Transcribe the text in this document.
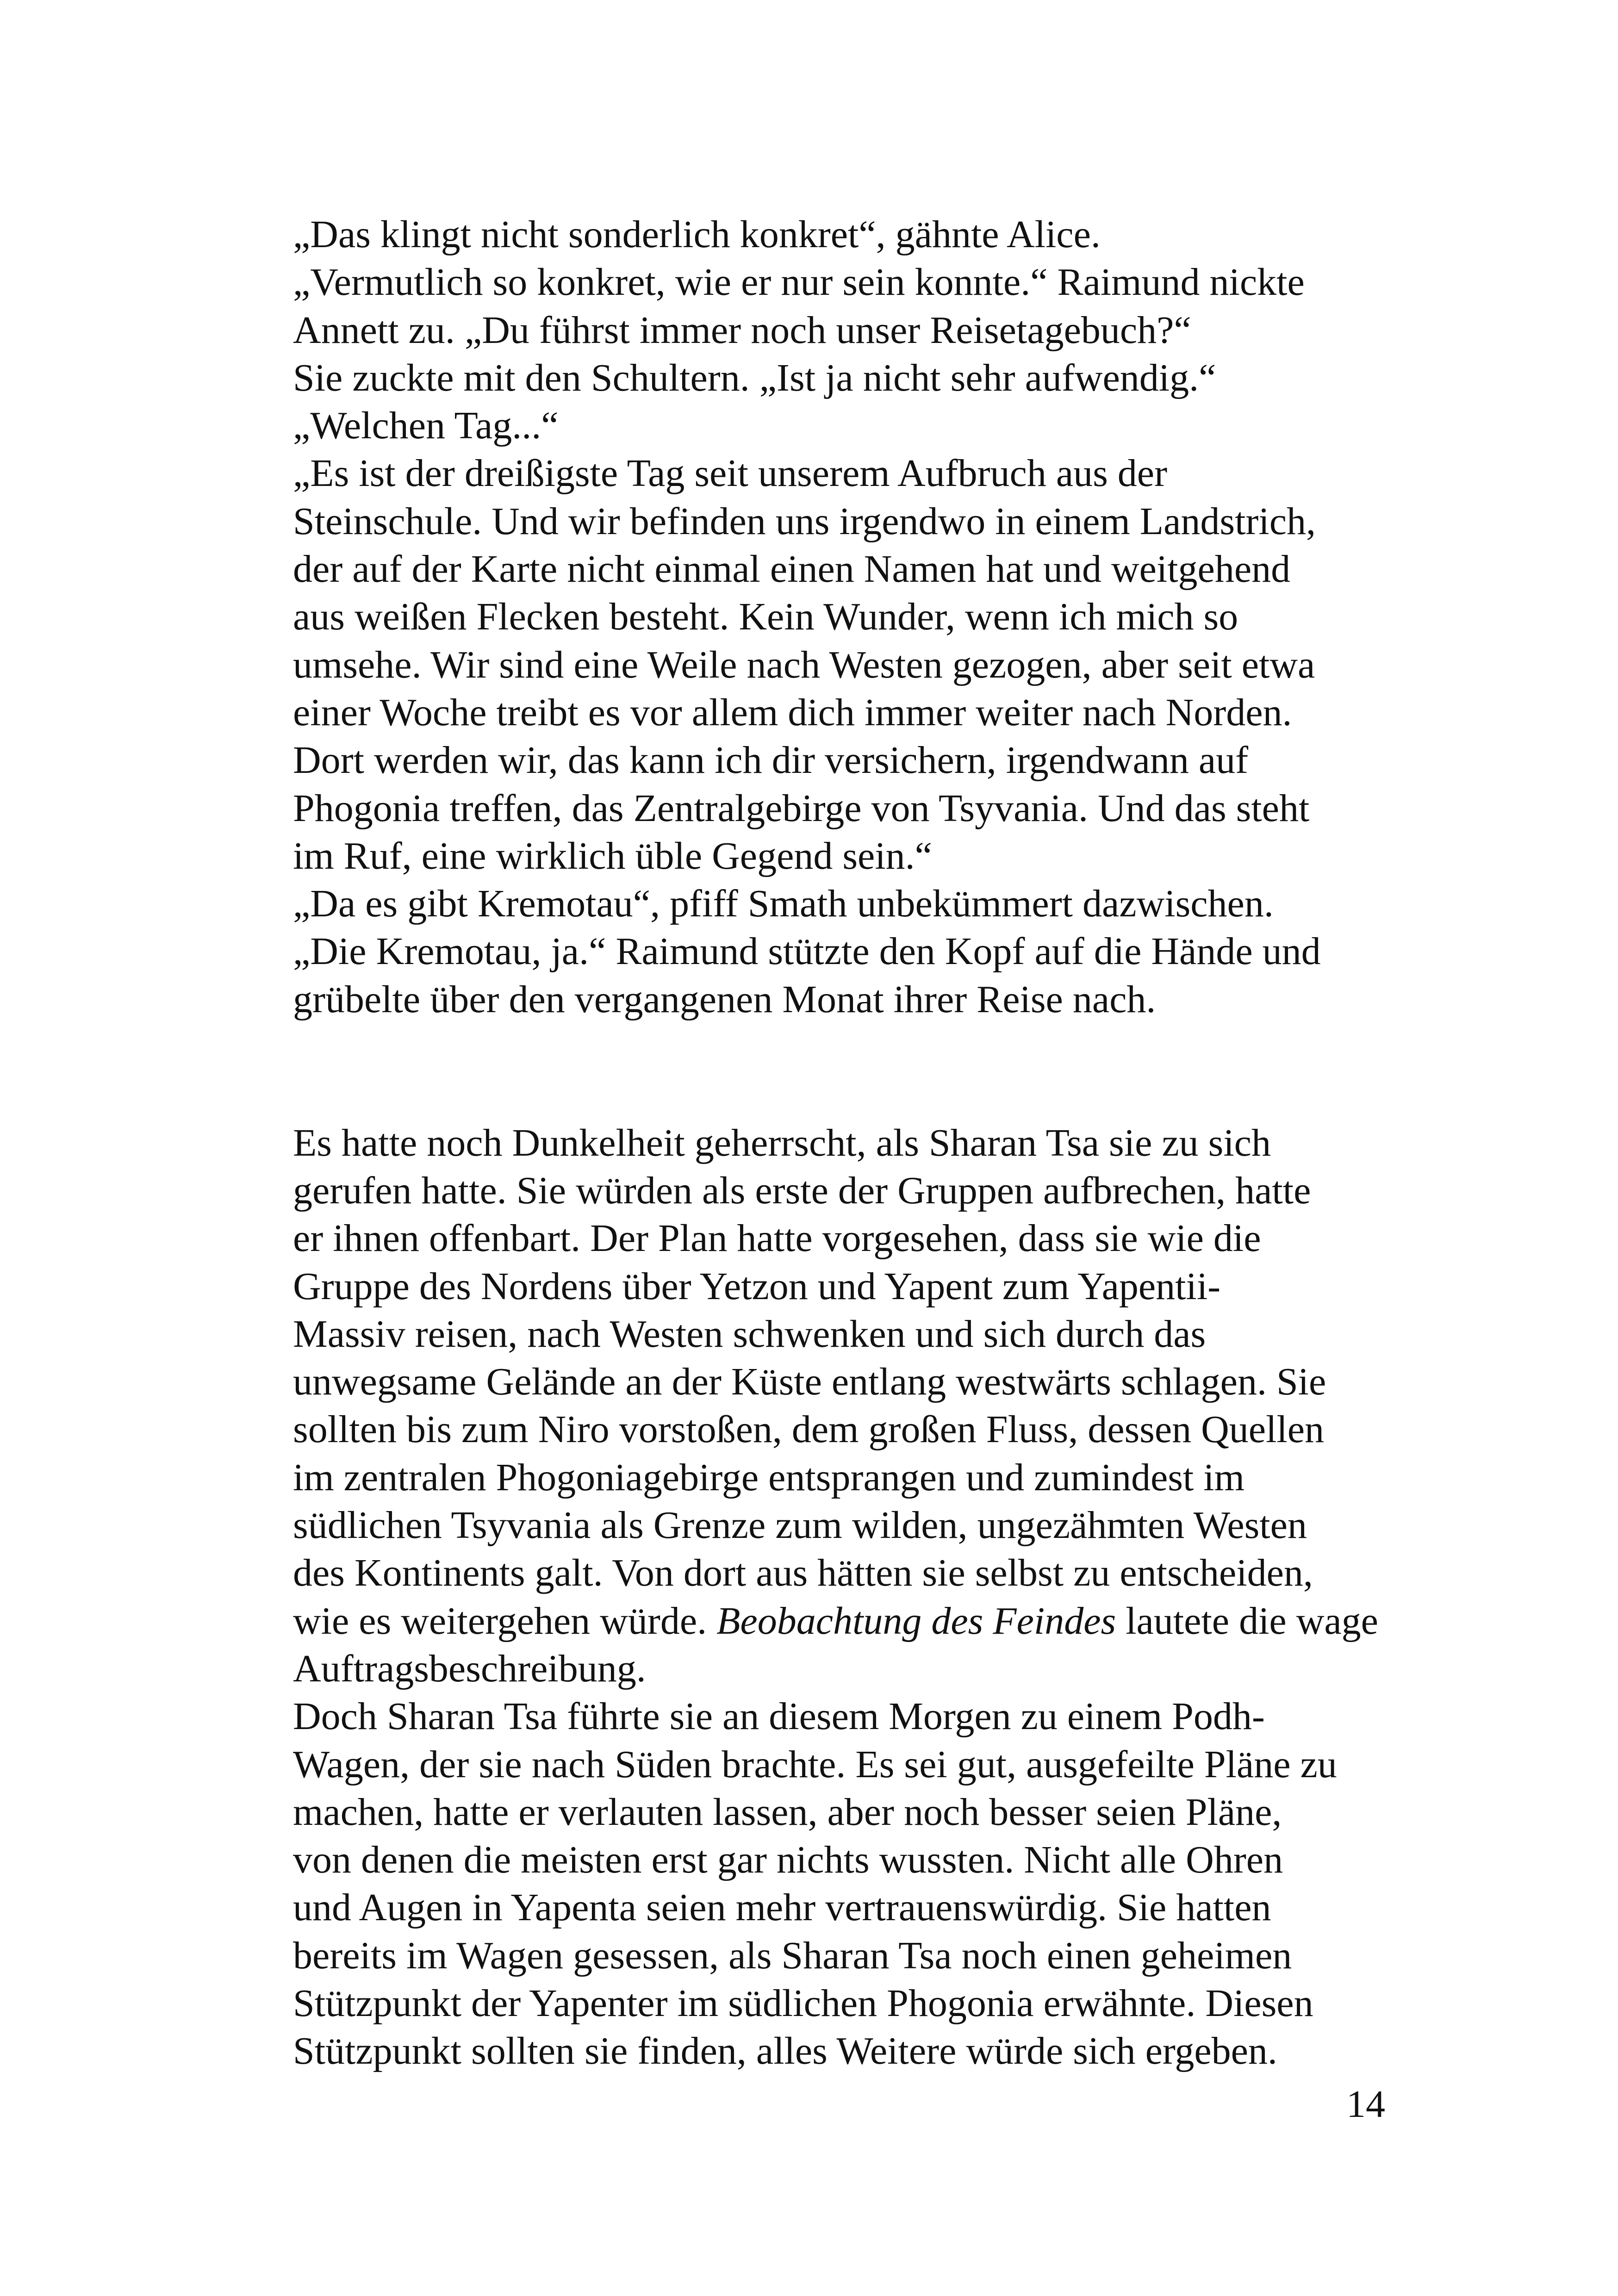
„Das klingt nicht sonderlich konkret“, gähnte Alice.
„Vermutlich so konkret, wie er nur sein konnte.“ Raimund nickte
Annett zu. „Du führst immer noch unser Reisetagebuch?“
Sie zuckte mit den Schultern. „Ist ja nicht sehr aufwendig.“
„Welchen Tag...“
„Es ist der dreißigste Tag seit unserem Aufbruch aus der
Steinschule. Und wir befinden uns irgendwo in einem Landstrich,
der auf der Karte nicht einmal einen Namen hat und weitgehend
aus weißen Flecken besteht. Kein Wunder, wenn ich mich so
umsehe. Wir sind eine Weile nach Westen gezogen, aber seit etwa
einer Woche treibt es vor allem dich immer weiter nach Norden.
Dort werden wir, das kann ich dir versichern, irgendwann auf
Phogonia treffen, das Zentralgebirge von Tsyvania. Und das steht
im Ruf, eine wirklich üble Gegend sein.“
„Da es gibt Kremotau“, pfiff Smath unbekümmert dazwischen.
„Die Kremotau, ja.“ Raimund stützte den Kopf auf die Hände und
grübelte über den vergangenen Monat ihrer Reise nach.
Es hatte noch Dunkelheit geherrscht, als Sharan Tsa sie zu sich
gerufen hatte. Sie würden als erste der Gruppen aufbrechen, hatte
er ihnen offenbart. Der Plan hatte vorgesehen, dass sie wie die
Gruppe des Nordens über Yetzon und Yapent zum Yapentii-
Massiv reisen, nach Westen schwenken und sich durch das
unwegsame Gelände an der Küste entlang westwärts schlagen. Sie
sollten bis zum Niro vorstoßen, dem großen Fluss, dessen Quellen
im zentralen Phogoniagebirge entsprangen und zumindest im
südlichen Tsyvania als Grenze zum wilden, ungezähmten Westen
des Kontinents galt. Von dort aus hätten sie selbst zu entscheiden,
wie es weitergehen würde. Beobachtung des Feindes lautete die wage
Auftragsbeschreibung.
Doch Sharan Tsa führte sie an diesem Morgen zu einem Podh-
Wagen, der sie nach Süden brachte. Es sei gut, ausgefeilte Pläne zu
machen, hatte er verlauten lassen, aber noch besser seien Pläne,
von denen die meisten erst gar nichts wussten. Nicht alle Ohren
und Augen in Yapenta seien mehr vertrauenswürdig. Sie hatten
bereits im Wagen gesessen, als Sharan Tsa noch einen geheimen
Stützpunkt der Yapenter im südlichen Phogonia erwähnte. Diesen
Stützpunkt sollten sie finden, alles Weitere würde sich ergeben.
14
